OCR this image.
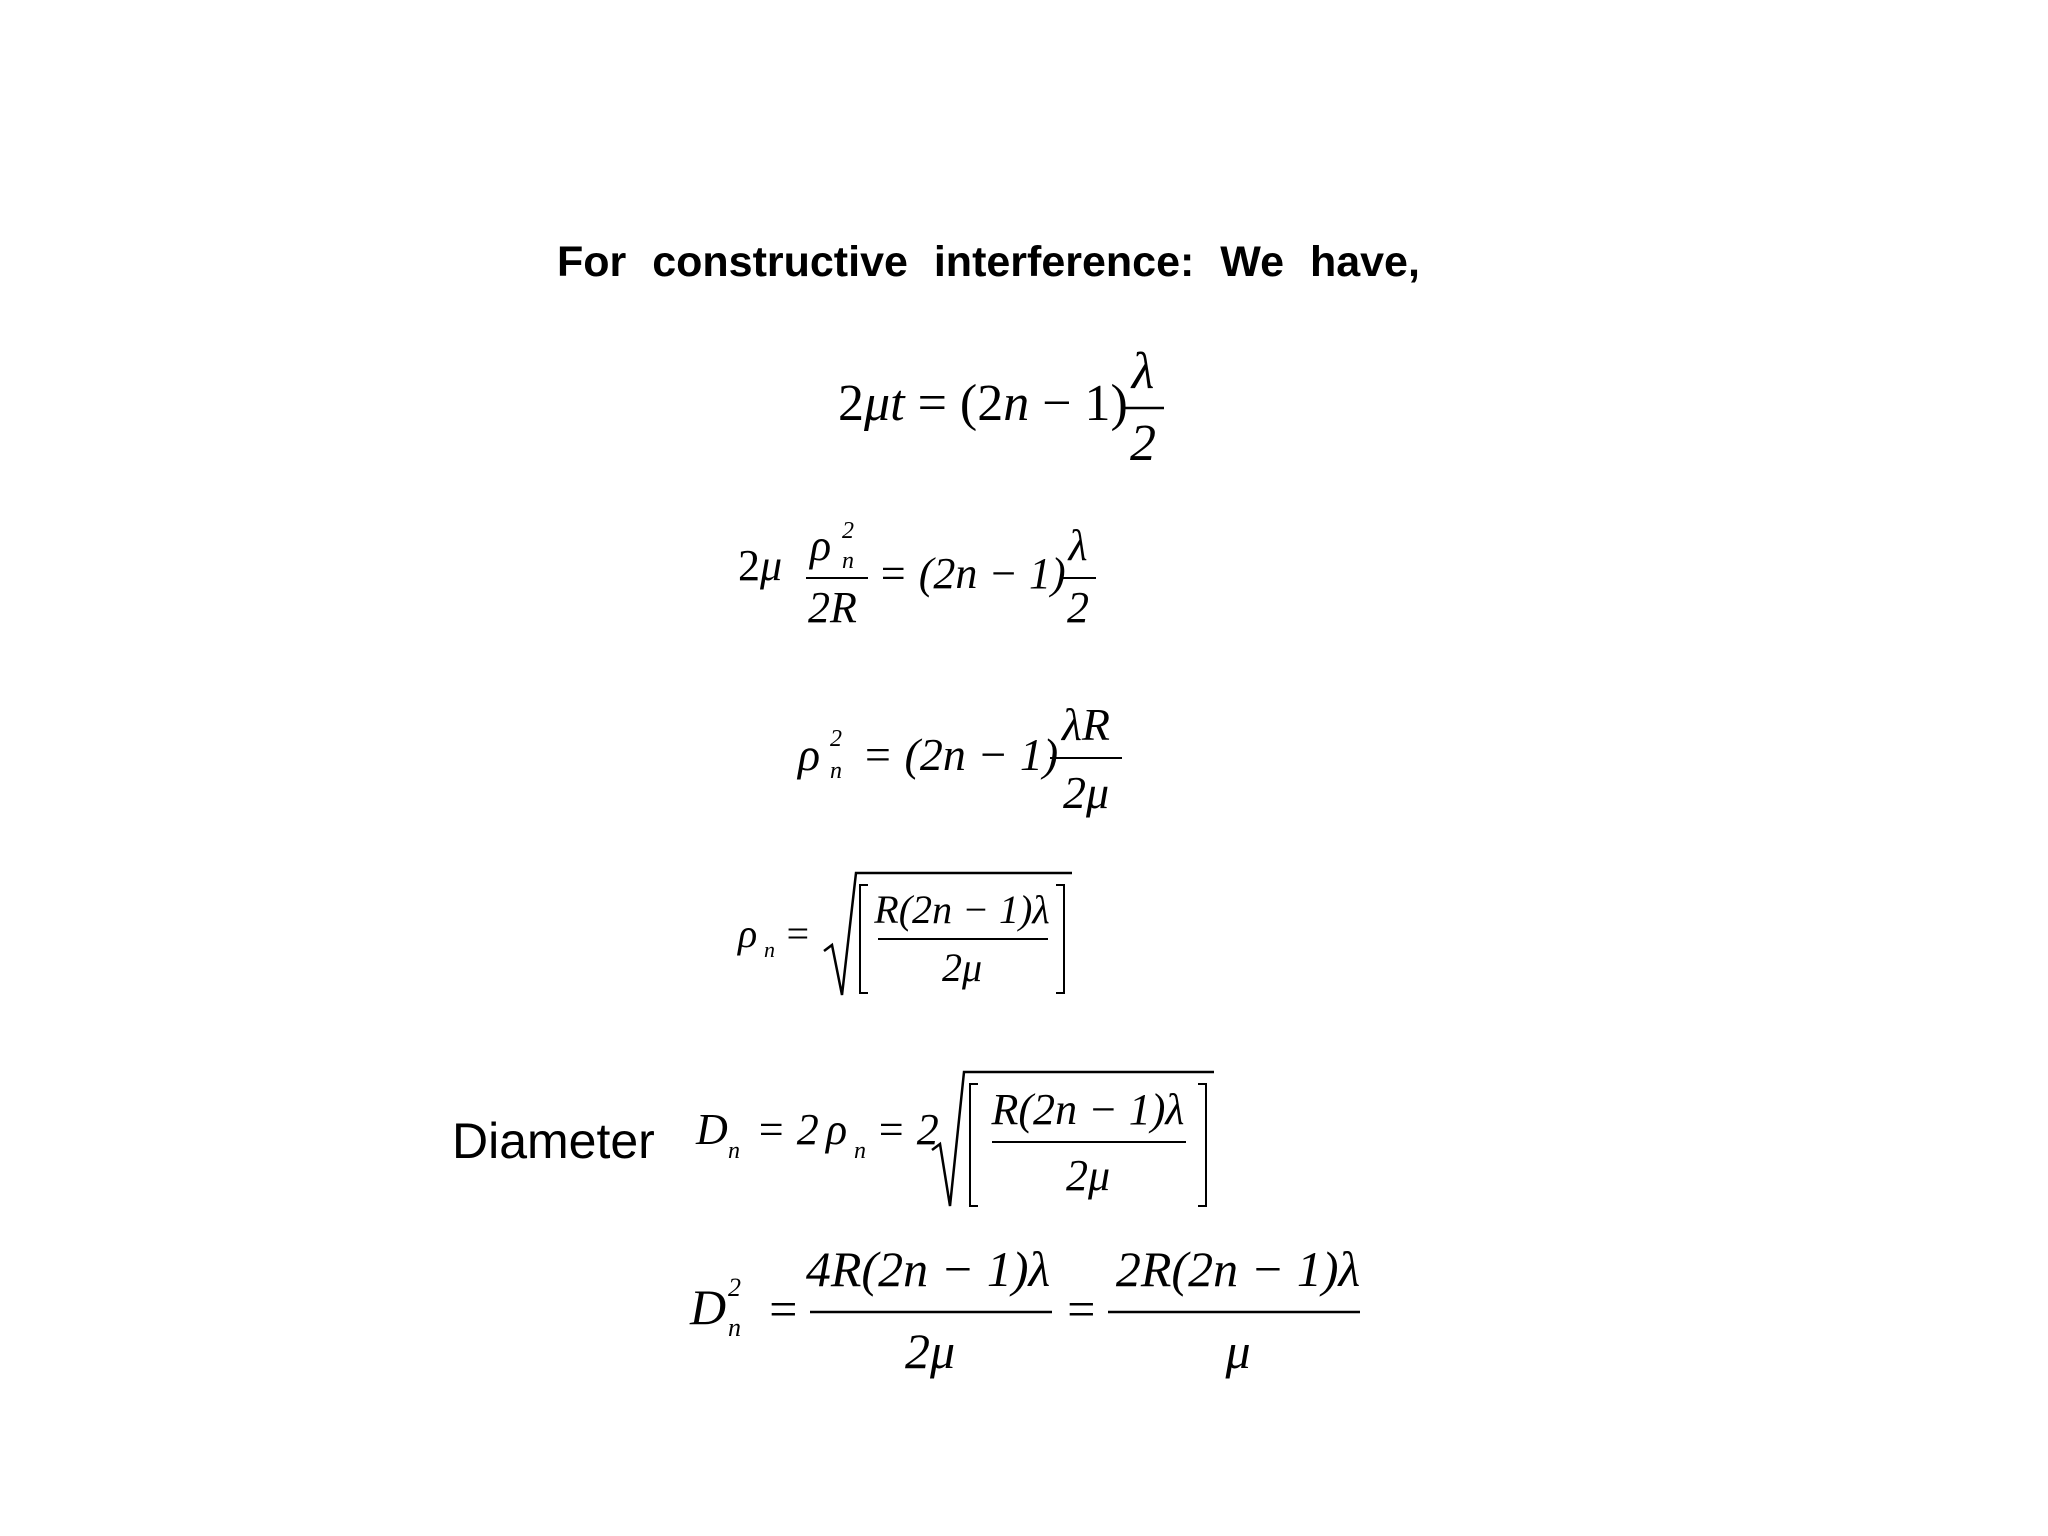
For constructive interference: We have,
2μt = (2n − 1)
λ
2
2μ ρ 2
n
2R
= (2n − 1)
λ
2
ρ 2
n = (2n − 1)
λR
2μ
ρ n =
R(2n − 1)λ
2μ
Diameter D n = 2 ρ n = 2 R(2n − 1)λ
2μ
D 2
n =
4R(2n − 1)λ
2μ
=
2R(2n − 1)λ
μ
